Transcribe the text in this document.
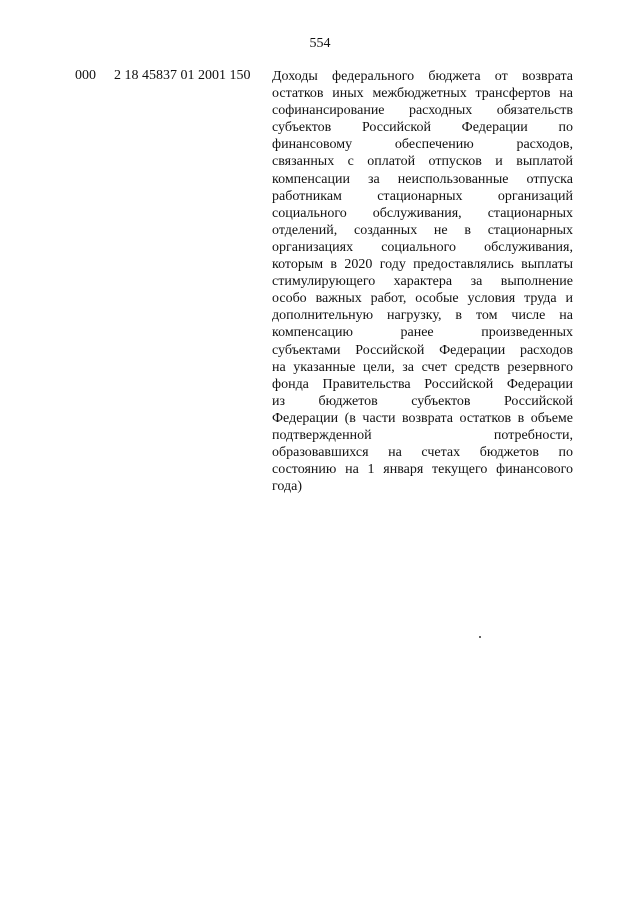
554
000 2 18 45837 01 2001 150 Доходы федерального бюджета от возврата
остатков иных межбюджетных трансфертов на
софинансирование расходных обязательств
субъектов Российской Федерации по
финансовому обеспечению расходов,
связанных с оплатой отпусков и выплатой
компенсации за неиспользованные отпуска
работникам стационарных организаций
социального обслуживания, стационарных
отделений, созданных не в стационарных
организациях социального обслуживания,
которым в 2020 году предоставлялись выплаты
стимулирующего характера за выполнение
особо важных работ, особые условия труда и
дополнительную нагрузку, в том числе на
компенсацию ранее произведенных
субъектами Российской Федерации расходов
на указанные цели, за счет средств резервного
фонда Правительства Российской Федерации
из бюджетов субъектов Российской
Федерации (в части возврата остатков в объеме
подтвержденной потребности,
образовавшихся на счетах бюджетов по
состоянию на 1 января текущего финансового
года)
